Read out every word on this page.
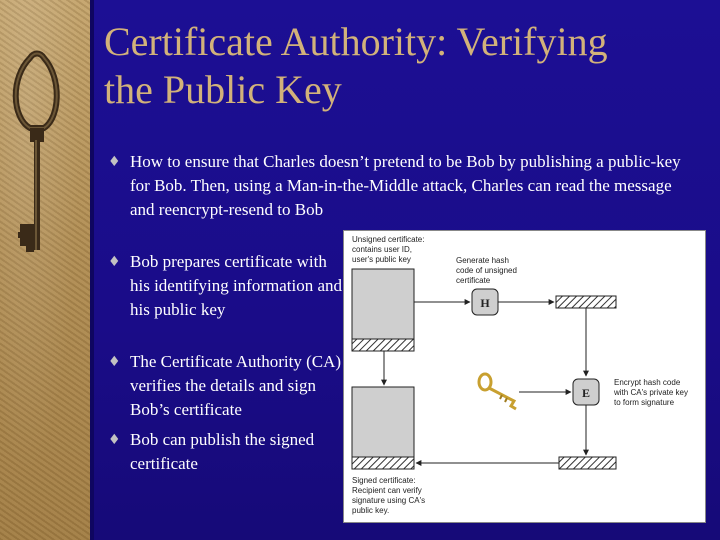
Certificate Authority: Verifying
the Public Key
♦ How to ensure that Charles doesn’t pretend to be Bob by publishing a public-key for Bob. Then, using a Man-in-the-Middle attack, Charles can read the message and reencrypt-resend to Bob
♦ Bob prepares certificate with his identifying information and his public key
♦ The Certificate Authority (CA) verifies the details and sign Bob’s certificate
♦ Bob can publish the signed certificate
Unsigned certificate:
contains user ID,
user's public key	Generate hash
code of unsigned
certificate
H
Encrypt hash code
with CA's private key
to form signature
E
Signed certificate:
Recipient can verify
signature using CA's
public key.
